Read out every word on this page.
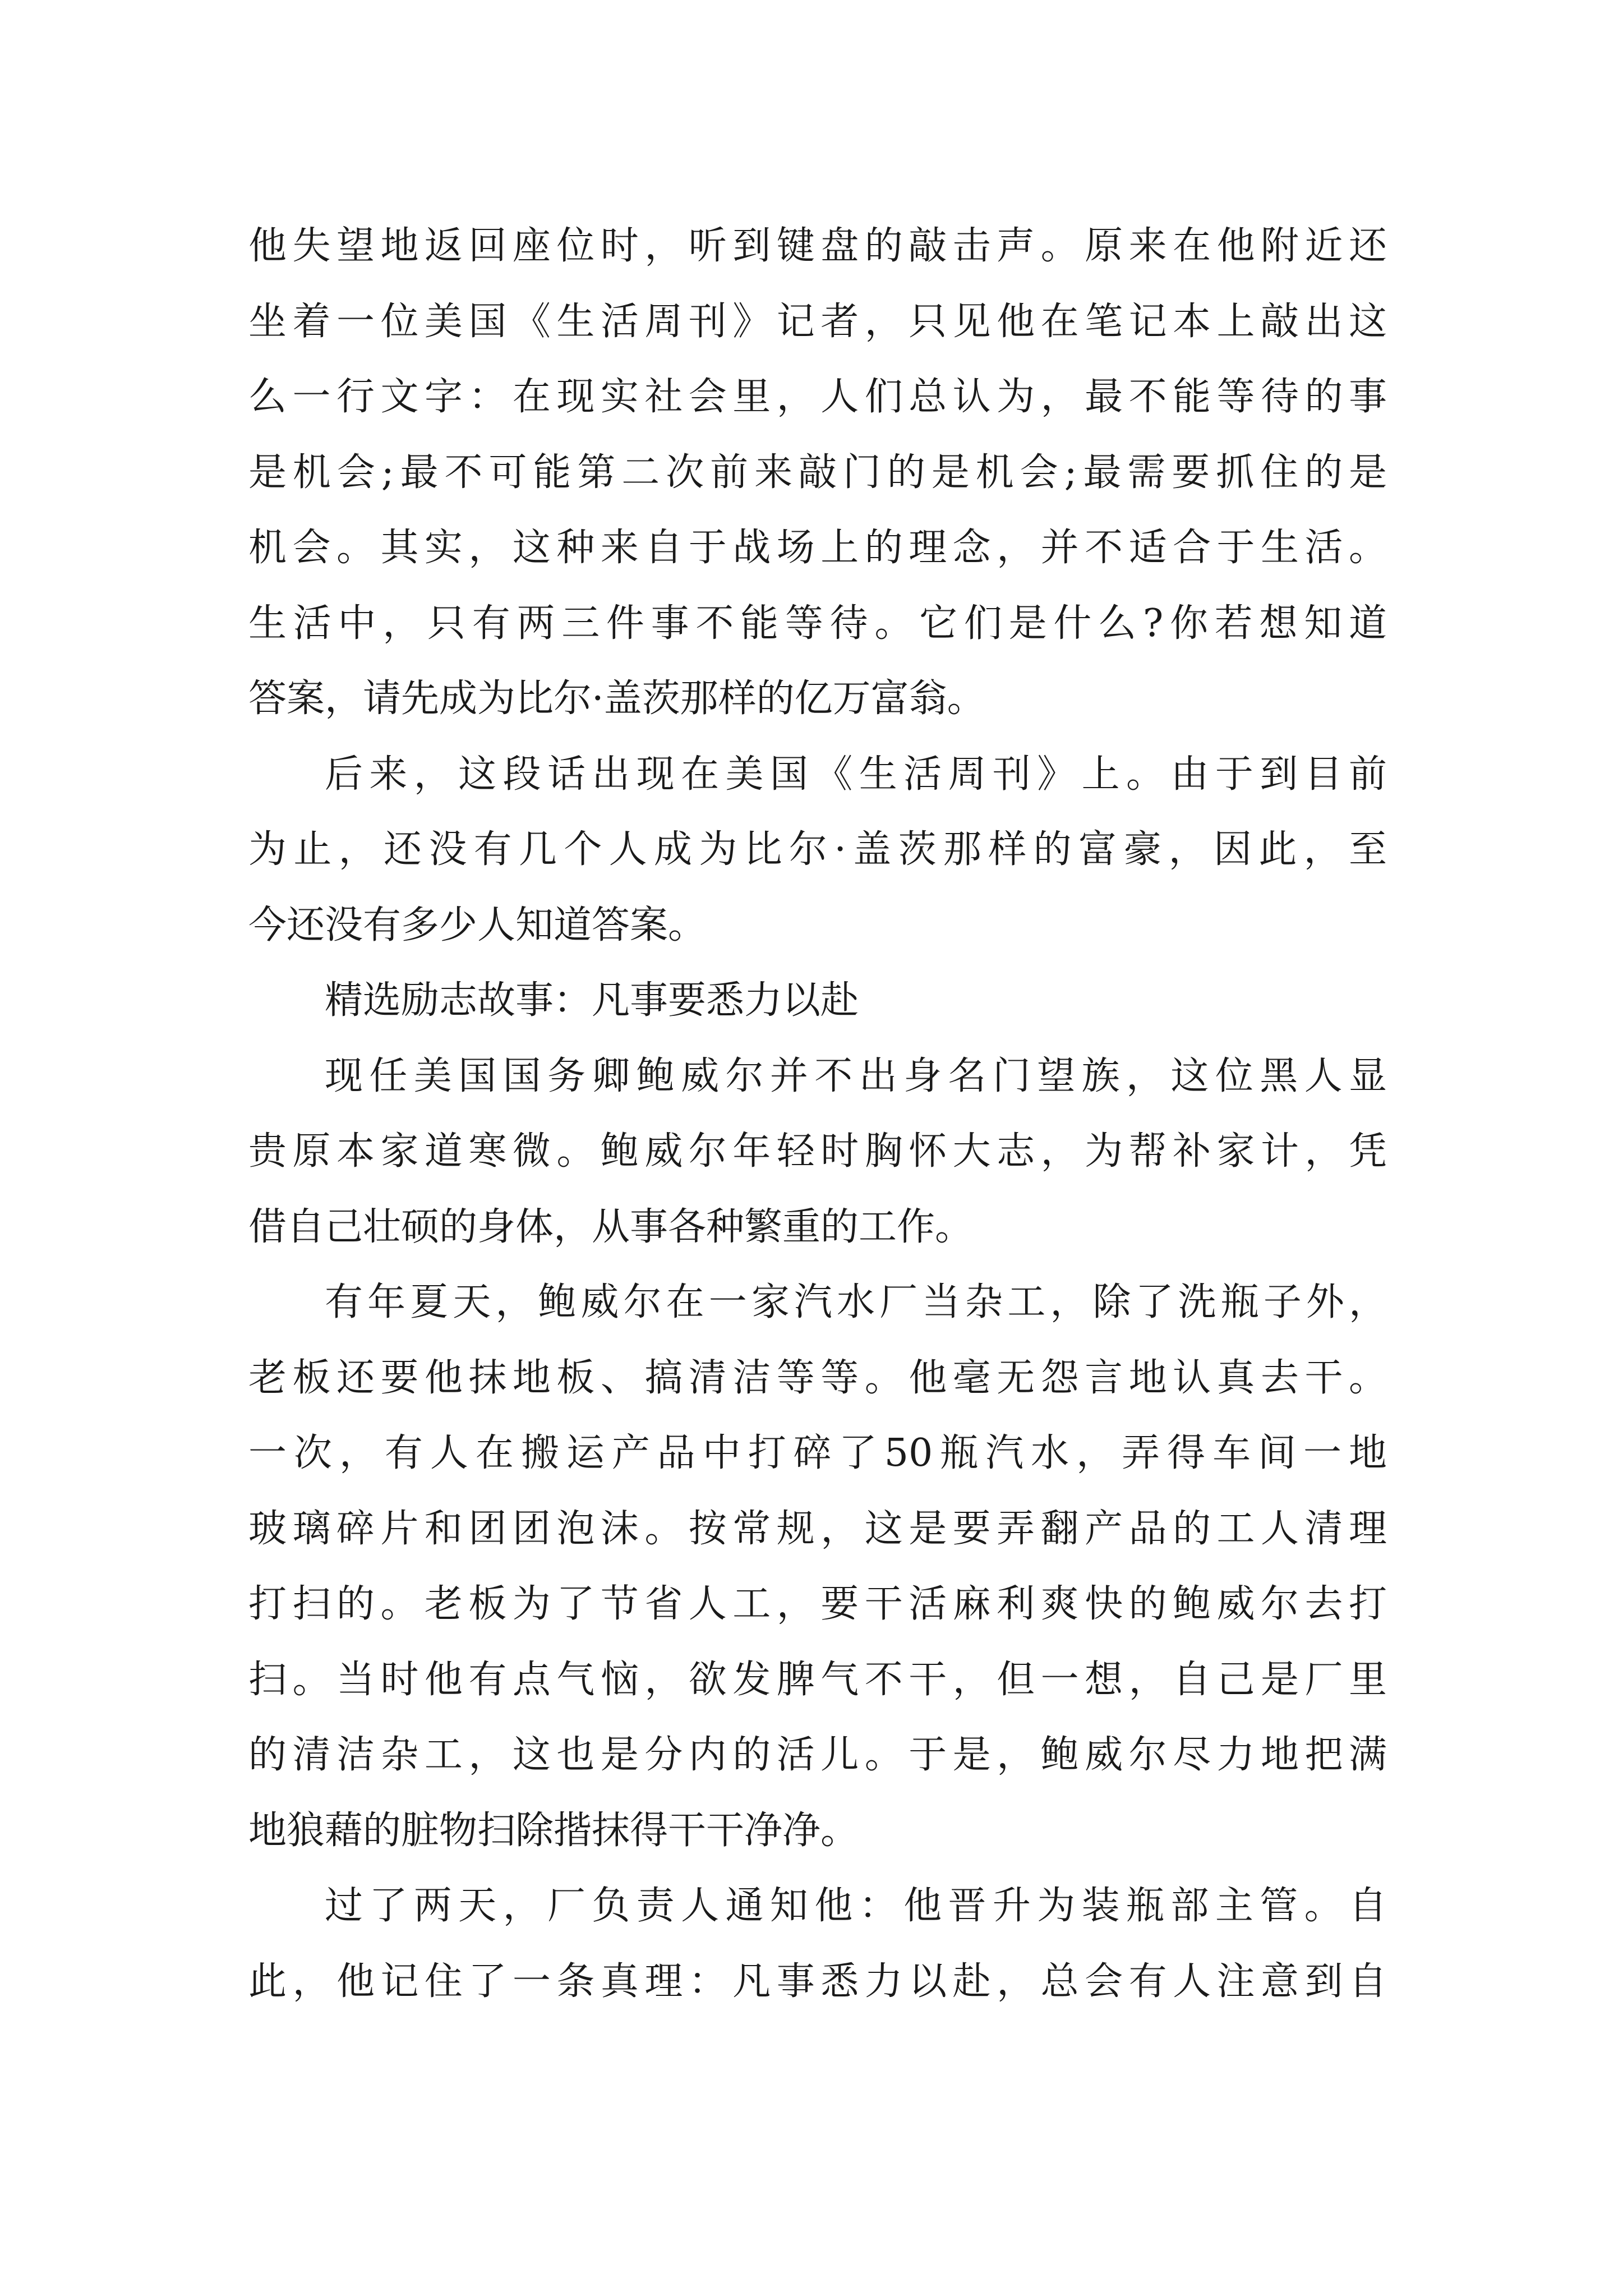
他失望地返回座位时，听到键盘的敲击声。原来在他附近还
坐着一位美国《生活周刊》记者，只见他在笔记本上敲出这
么一行文字：在现实社会里，人们总认为，最不能等待的事
是机会;最不可能第二次前来敲门的是机会;最需要抓住的是
机会。其实，这种来自于战场上的理念，并不适合于生活。
生活中，只有两三件事不能等待。它们是什么?你若想知道
答案，请先成为比尔·盖茨那样的亿万富翁。

后来，这段话出现在美国《生活周刊》上。由于到目前
为止，还没有几个人成为比尔·盖茨那样的富豪，因此，至
今还没有多少人知道答案。

精选励志故事：凡事要悉力以赴

现任美国国务卿鲍威尔并不出身名门望族，这位黑人显
贵原本家道寒微。鲍威尔年轻时胸怀大志，为帮补家计，凭
借自己壮硕的身体，从事各种繁重的工作。

有年夏天，鲍威尔在一家汽水厂当杂工，除了洗瓶子外，
老板还要他抹地板、搞清洁等等。他毫无怨言地认真去干。
一次，有人在搬运产品中打碎了50瓶汽水，弄得车间一地
玻璃碎片和团团泡沫。按常规，这是要弄翻产品的工人清理
打扫的。老板为了节省人工，要干活麻利爽快的鲍威尔去打
扫。当时他有点气恼，欲发脾气不干，但一想，自己是厂里
的清洁杂工，这也是分内的活儿。于是，鲍威尔尽力地把满
地狼藉的脏物扫除揩抹得干干净净。

过了两天，厂负责人通知他：他晋升为装瓶部主管。自
此，他记住了一条真理：凡事悉力以赴，总会有人注意到自
